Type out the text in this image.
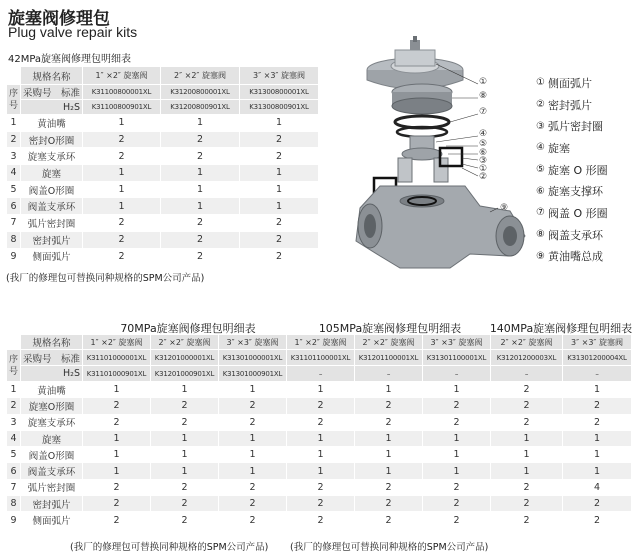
旋塞阀修理包
Plug valve repair kits
42MPa旋塞阀修理包明细表
	规格名称	1″ ×2″ 旋塞阀	2″ ×2″ 旋塞阀	3″ ×3″ 旋塞阀

序号	采购号 标准	K31100800001XL	K31200800001XL	K31300800001XL
	H₂S	K31100800901XL	K31200800901XL	K31300800901XL
1	黄油嘴	1	1	1
2	密封O形圈	2	2	2
3	旋塞支承环	2	2	2
4	旋塞	1	1	1
5	阀盖O形圈	1	1	1
6	阀盖支承环	1	1	1
7	弧片密封圈	2	2	2
8	密封弧片	2	2	2
9	侧面弧片	2	2	2
(我厂的修理包可替换同种规格的SPM公司产品)
①
⑧
⑦
④
⑤
⑥
③
①
②
⑨
① 侧面弧片
② 密封弧片
③ 弧片密封圈
④ 旋塞
⑤ 旋塞 O 形圈
⑥ 旋塞支撑环
⑦ 阀盖 O 形圈
⑧ 阀盖支承环
⑨ 黄油嘴总成
70MPa旋塞阀修理包明细表	105MPa旋塞阀修理包明细表	140MPa旋塞阀修理包明细表
	规格名称	1″ ×2″ 旋塞阀	2″ ×2″ 旋塞阀	3″ ×3″ 旋塞阀	1″ ×2″ 旋塞阀	2″ ×2″ 旋塞阀	3″ ×3″ 旋塞阀	2″ ×2″ 旋塞阀	3″ ×3″ 旋塞阀

序号	采购号 标准	K31101000001XL	K31201000001XL	K31301000001XL	K31101100001XL	K31201100001XL	K31301100001XL	K31201200003XL	K31301200004XL
	H₂S	K31101000901XL	K31201000901XL	K31301000901XL	–	–	–	–	–
1	黄油嘴	1	1	1	1	1	1	2	1
2	旋塞O形圈	2	2	2	2	2	2	2	2
3	旋塞支承环	2	2	2	2	2	2	2	2
4	旋塞	1	1	1	1	1	1	1	1
5	阀盖O形圈	1	1	1	1	1	1	1	1
6	阀盖支承环	1	1	1	1	1	1	1	1
7	弧片密封圈	2	2	2	2	2	2	2	4
8	密封弧片	2	2	2	2	2	2	2	2
9	侧面弧片	2	2	2	2	2	2	2	2
(我厂的修理包可替换同种规格的SPM公司产品) (我厂的修理包可替换同种规格的SPM公司产品)
